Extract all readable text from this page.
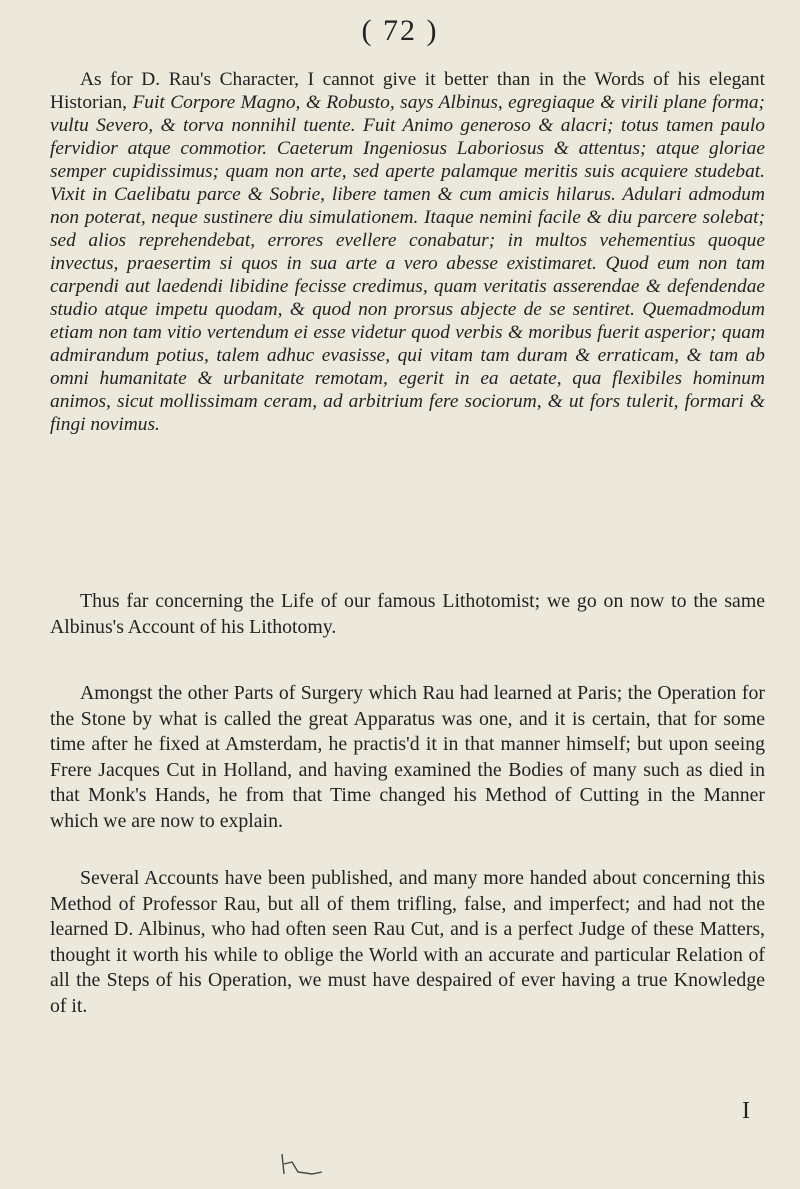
( 72 )

As for D. Rau's Character, I cannot give it better than in the Words of his elegant Historian, Fuit Corpore Magno, & Robusto, says Albinus, egregiaque & virili plane forma; vultu Severo, & torva nonnihil tuente. Fuit Animo generoso & alacri; totus tamen paulo fervidior atque commotior. Caeterum Ingeniosus Laboriosus & attentus; atque gloriae semper cupidissimus; quam non arte, sed aperte palamque meritis suis acquiere studebat. Vixit in Caelibatu parce & Sobrie, libere tamen & cum amicis hilarus. Adulari admodum non poterat, neque sustinere diu simulationem. Itaque nemini facile & diu parcere solebat; sed alios reprehendebat, errores evellere conabatur; in multos vehementius quoque invectus, praesertim si quos in sua arte a vero abesse existimaret. Quod eum non tam carpendi aut laedendi libidine fecisse credimus, quam veritatis asserendae & defendendae studio atque impetu quodam, & quod non prorsus abjecte de se sentiret. Quemadmodum etiam non tam vitio vertendum ei esse videtur quod verbis & moribus fuerit asperior; quam admirandum potius, talem adhuc evasisse, qui vitam tam duram & erraticam, & tam ab omni humanitate & urbanitate remotam, egerit in ea aetate, qua flexibiles hominum animos, sicut mollissimam ceram, ad arbitrium fere sociorum, & ut fors tulerit, formari & fingi novimus.

Thus far concerning the Life of our famous Lithotomist; we go on now to the same Albinus's Account of his Lithotomy.

Amongst the other Parts of Surgery which Rau had learned at Paris; the Operation for the Stone by what is called the great Apparatus was one, and it is certain, that for some time after he fixed at Amsterdam, he practis'd it in that manner himself; but upon seeing Frere Jacques Cut in Holland, and having examined the Bodies of many such as died in that Monk's Hands, he from that Time changed his Method of Cutting in the Manner which we are now to explain.

Several Accounts have been published, and many more handed about concerning this Method of Professor Rau, but all of them trifling, false, and imperfect; and had not the learned D. Albinus, who had often seen Rau Cut, and is a perfect Judge of these Matters, thought it worth his while to oblige the World with an accurate and particular Relation of all the Steps of his Operation, we must have despaired of ever having a true Knowledge of it.

I
